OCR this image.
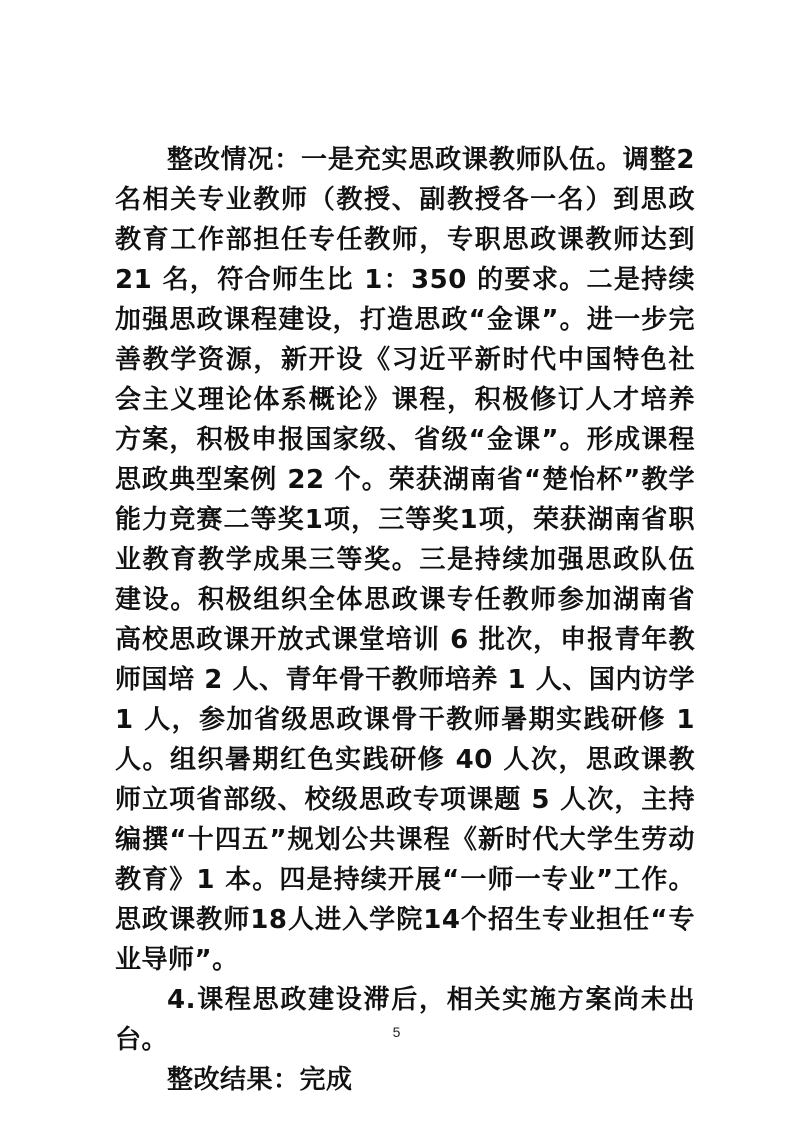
整改情况：一是充实思政课教师队伍。调整2名相关专业教师（教授、副教授各一名）到思政教育工作部担任专任教师，专职思政课教师达到 21 名，符合师生比 1：350 的要求。二是持续加强思政课程建设，打造思政“金课”。进一步完善教学资源，新开设《习近平新时代中国特色社会主义理论体系概论》课程，积极修订人才培养方案，积极申报国家级、省级“金课”。形成课程思政典型案例 22 个。荣获湖南省“楚怡杯”教学能力竞赛二等奖1项，三等奖1项，荣获湖南省职业教育教学成果三等奖。三是持续加强思政队伍建设。积极组织全体思政课专任教师参加湖南省高校思政课开放式课堂培训 6 批次，申报青年教师国培 2 人、青年骨干教师培养 1 人、国内访学 1 人，参加省级思政课骨干教师暑期实践研修 1 人。组织暑期红色实践研修 40 人次，思政课教师立项省部级、校级思政专项课题 5 人次，主持编撰“十四五”规划公共课程《新时代大学生劳动教育》1 本。四是持续开展“一师一专业”工作。思政课教师18人进入学院14个招生专业担任“专业导师”。

4.课程思政建设滞后，相关实施方案尚未出台。

整改结果：完成

5
